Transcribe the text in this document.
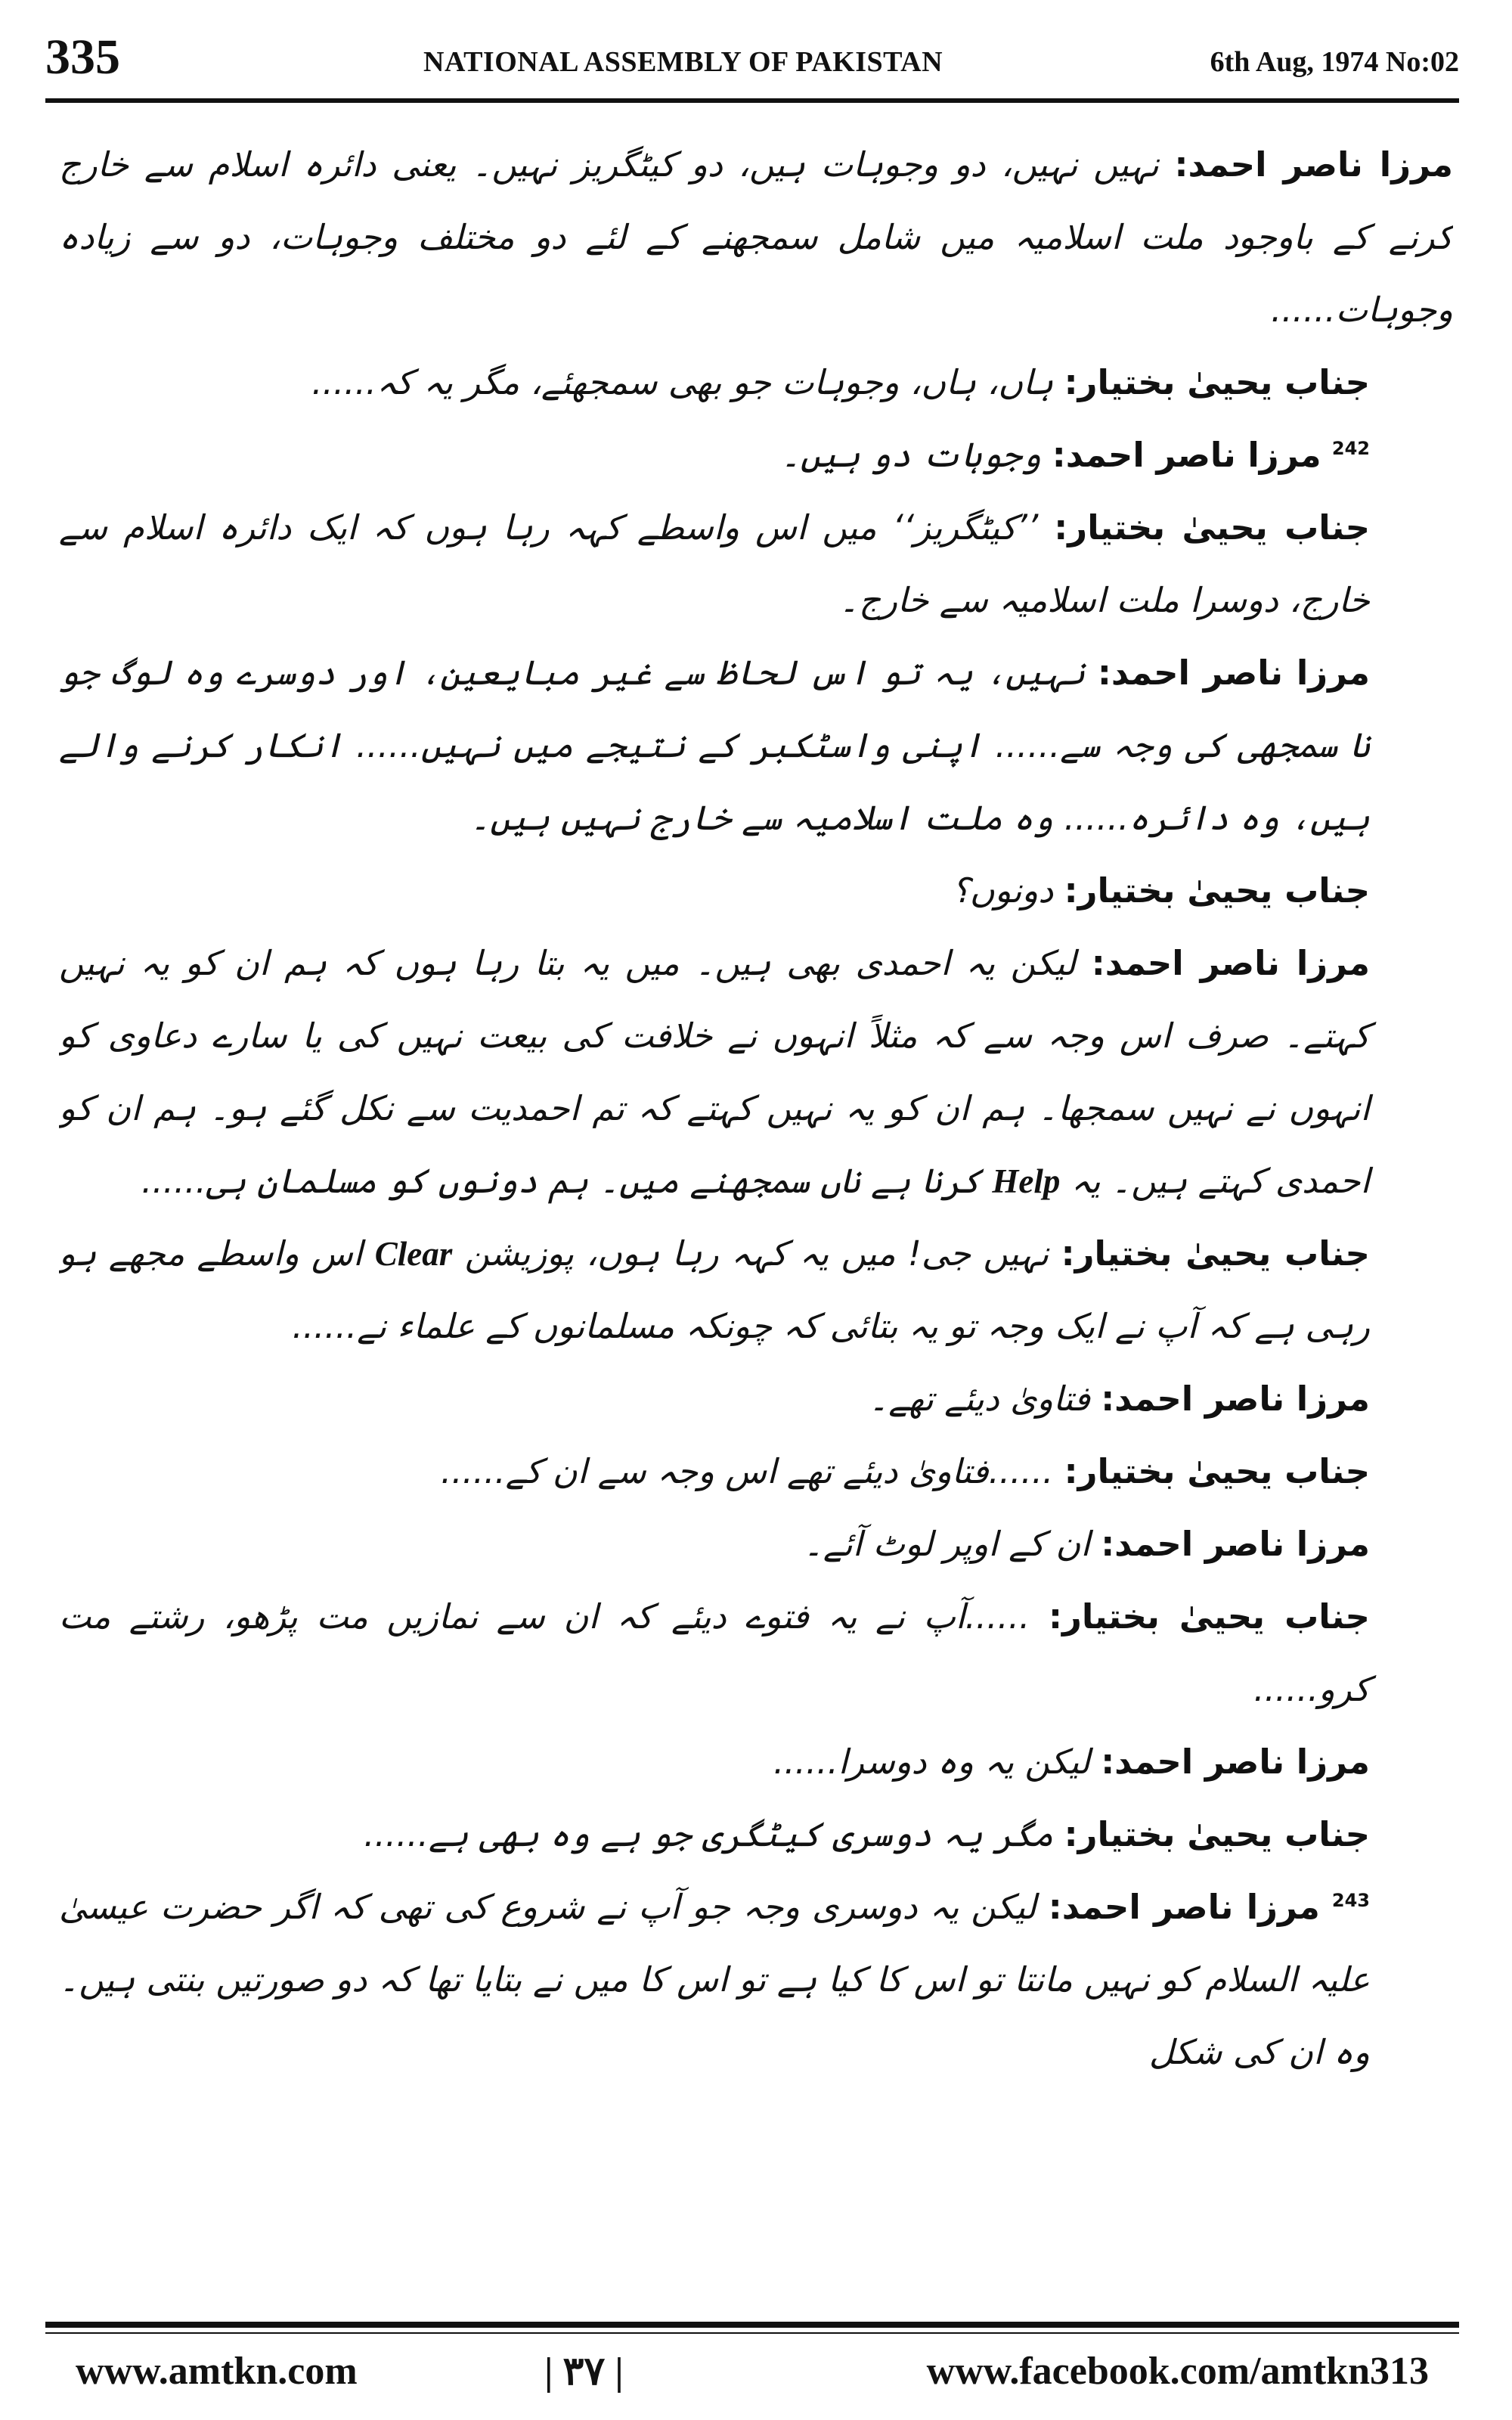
335	NATIONAL ASSEMBLY OF PAKISTAN	6th Aug, 1974 No:02

مرزا ناصر احمد: نہیں نہیں، دو وجوہات ہیں، دو کیٹگریز نہیں۔ یعنی دائرہ اسلام سے خارج کرنے کے باوجود ملت اسلامیہ میں شامل سمجھنے کے لئے دو مختلف وجوہات، دو سے زیادہ وجوہات......

جناب یحییٰ بختیار: ہاں، ہاں، وجوہات جو بھی سمجھئے، مگر یہ کہ......

$^{242}$ مرزا ناصر احمد: وجوہات دو ہیں۔

جناب یحییٰ بختیار: ’’کیٹگریز‘‘ میں اس واسطے کہہ رہا ہوں کہ ایک دائرہ اسلام سے خارج، دوسرا ملت اسلامیہ سے خارج۔

مرزا ناصر احمد: نہیں، یہ تو اس لحاظ سے غیر مبایعین، اور دوسرے وہ لوگ جو نا سمجھی کی وجہ سے...... اپنی واسٹکبر کے نتیجے میں نہیں...... انکار کرنے والے ہیں، وہ دائرہ...... وہ ملت اسلامیہ سے خارج نہیں ہیں۔

جناب یحییٰ بختیار: دونوں؟

مرزا ناصر احمد: لیکن یہ احمدی بھی ہیں۔ میں یہ بتا رہا ہوں کہ ہم ان کو یہ نہیں کہتے۔ صرف اس وجہ سے کہ مثلاً انہوں نے خلافت کی بیعت نہیں کی یا سارے دعاوی کو انہوں نے نہیں سمجھا۔ ہم ان کو یہ نہیں کہتے کہ تم احمدیت سے نکل گئے ہو۔ ہم ان کو احمدی کہتے ہیں۔ یہ Help کرنا ہے ناں سمجھنے میں۔ ہم دونوں کو مسلمان ہی......

جناب یحییٰ بختیار: نہیں جی! میں یہ کہہ رہا ہوں، پوزیشن Clear اس واسطے مجھے ہو رہی ہے کہ آپ نے ایک وجہ تو یہ بتائی کہ چونکہ مسلمانوں کے علماء نے......

مرزا ناصر احمد: فتاویٰ دیئے تھے۔

جناب یحییٰ بختیار: ......فتاویٰ دیئے تھے اس وجہ سے ان کے......

مرزا ناصر احمد: ان کے اوپر لوٹ آئے۔

جناب یحییٰ بختیار: ......آپ نے یہ فتوے دیئے کہ ان سے نمازیں مت پڑھو، رشتے مت کرو......

مرزا ناصر احمد: لیکن یہ وہ دوسرا......

جناب یحییٰ بختیار: مگر یہ دوسری کیٹگری جو ہے وہ بھی ہے......

$^{243}$ مرزا ناصر احمد: لیکن یہ دوسری وجہ جو آپ نے شروع کی تھی کہ اگر حضرت عیسیٰ علیہ السلام کو نہیں مانتا تو اس کا کیا ہے تو اس کا میں نے بتایا تھا کہ دو صورتیں بنتی ہیں۔ وہ ان کی شکل

www.amtkn.com	| ۳۷ |	www.facebook.com/amtkn313
